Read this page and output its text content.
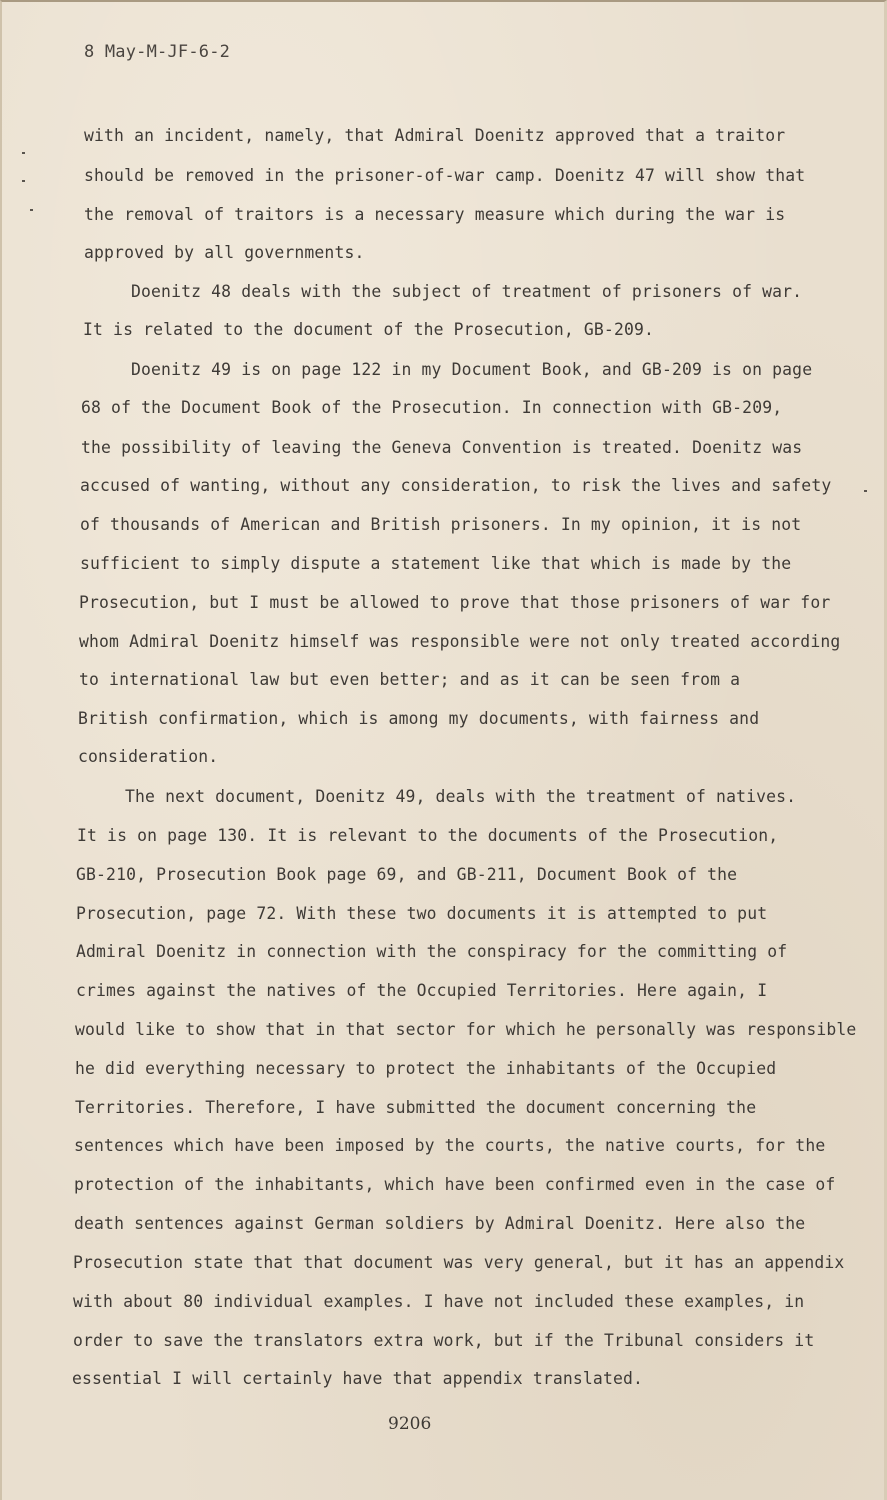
8 May-M-JF-6-2
with an incident, namely, that Admiral Doenitz approved that a traitor
should be removed in the prisoner-of-war camp. Doenitz 47 will show that
the removal of traitors is a necessary measure which during the war is
approved by all governments.
Doenitz 48 deals with the subject of treatment of prisoners of war.
It is related to the document of the Prosecution, GB-209.
Doenitz 49 is on page 122 in my Document Book, and GB-209 is on page
68 of the Document Book of the Prosecution. In connection with GB-209,
the possibility of leaving the Geneva Convention is treated. Doenitz was
accused of wanting, without any consideration, to risk the lives and safety
of thousands of American and British prisoners. In my opinion, it is not
sufficient to simply dispute a statement like that which is made by the
Prosecution, but I must be allowed to prove that those prisoners of war for
whom Admiral Doenitz himself was responsible were not only treated according
to international law but even better; and as it can be seen from a
British confirmation, which is among my documents, with fairness and
consideration.
The next document, Doenitz 49, deals with the treatment of natives.
It is on page 130. It is relevant to the documents of the Prosecution,
GB-210, Prosecution Book page 69, and GB-211, Document Book of the
Prosecution, page 72. With these two documents it is attempted to put
Admiral Doenitz in connection with the conspiracy for the committing of
crimes against the natives of the Occupied Territories. Here again, I
would like to show that in that sector for which he personally was responsible
he did everything necessary to protect the inhabitants of the Occupied
Territories. Therefore, I have submitted the document concerning the
sentences which have been imposed by the courts, the native courts, for the
protection of the inhabitants, which have been confirmed even in the case of
death sentences against German soldiers by Admiral Doenitz. Here also the
Prosecution state that that document was very general, but it has an appendix
with about 80 individual examples. I have not included these examples, in
order to save the translators extra work, but if the Tribunal considers it
essential I will certainly have that appendix translated.
9206
